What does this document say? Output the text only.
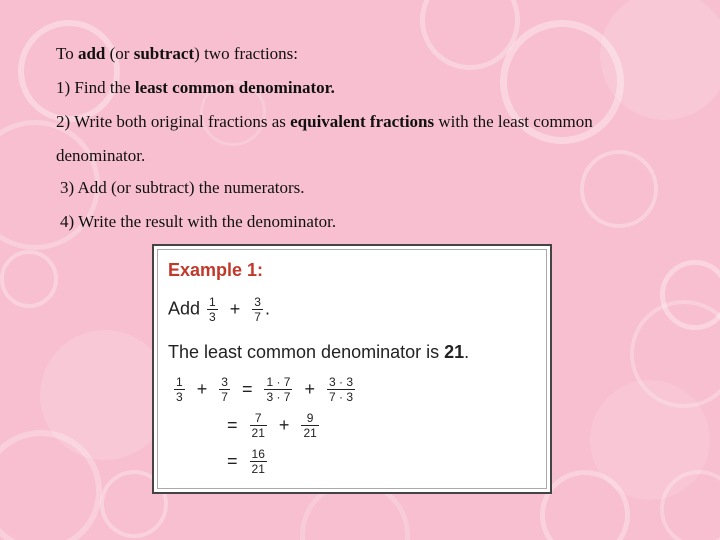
To add (or subtract) two fractions:
1) Find the least common denominator.
2) Write both original fractions as equivalent fractions with the least common
denominator.
3) Add (or subtract) the numerators.
4) Write the result with the denominator.
Example 1:
Add $\frac{1}{3} + \frac{3}{7}$ .
The least common denominator is 21.
$\frac{1}{3} + \frac{3}{7} = \frac{1 \cdot 7}{3 \cdot 7} + \frac{3 \cdot 3}{7 \cdot 3}$
= $\frac{7}{21} + \frac{9}{21}$
= $\frac{16}{21}$
